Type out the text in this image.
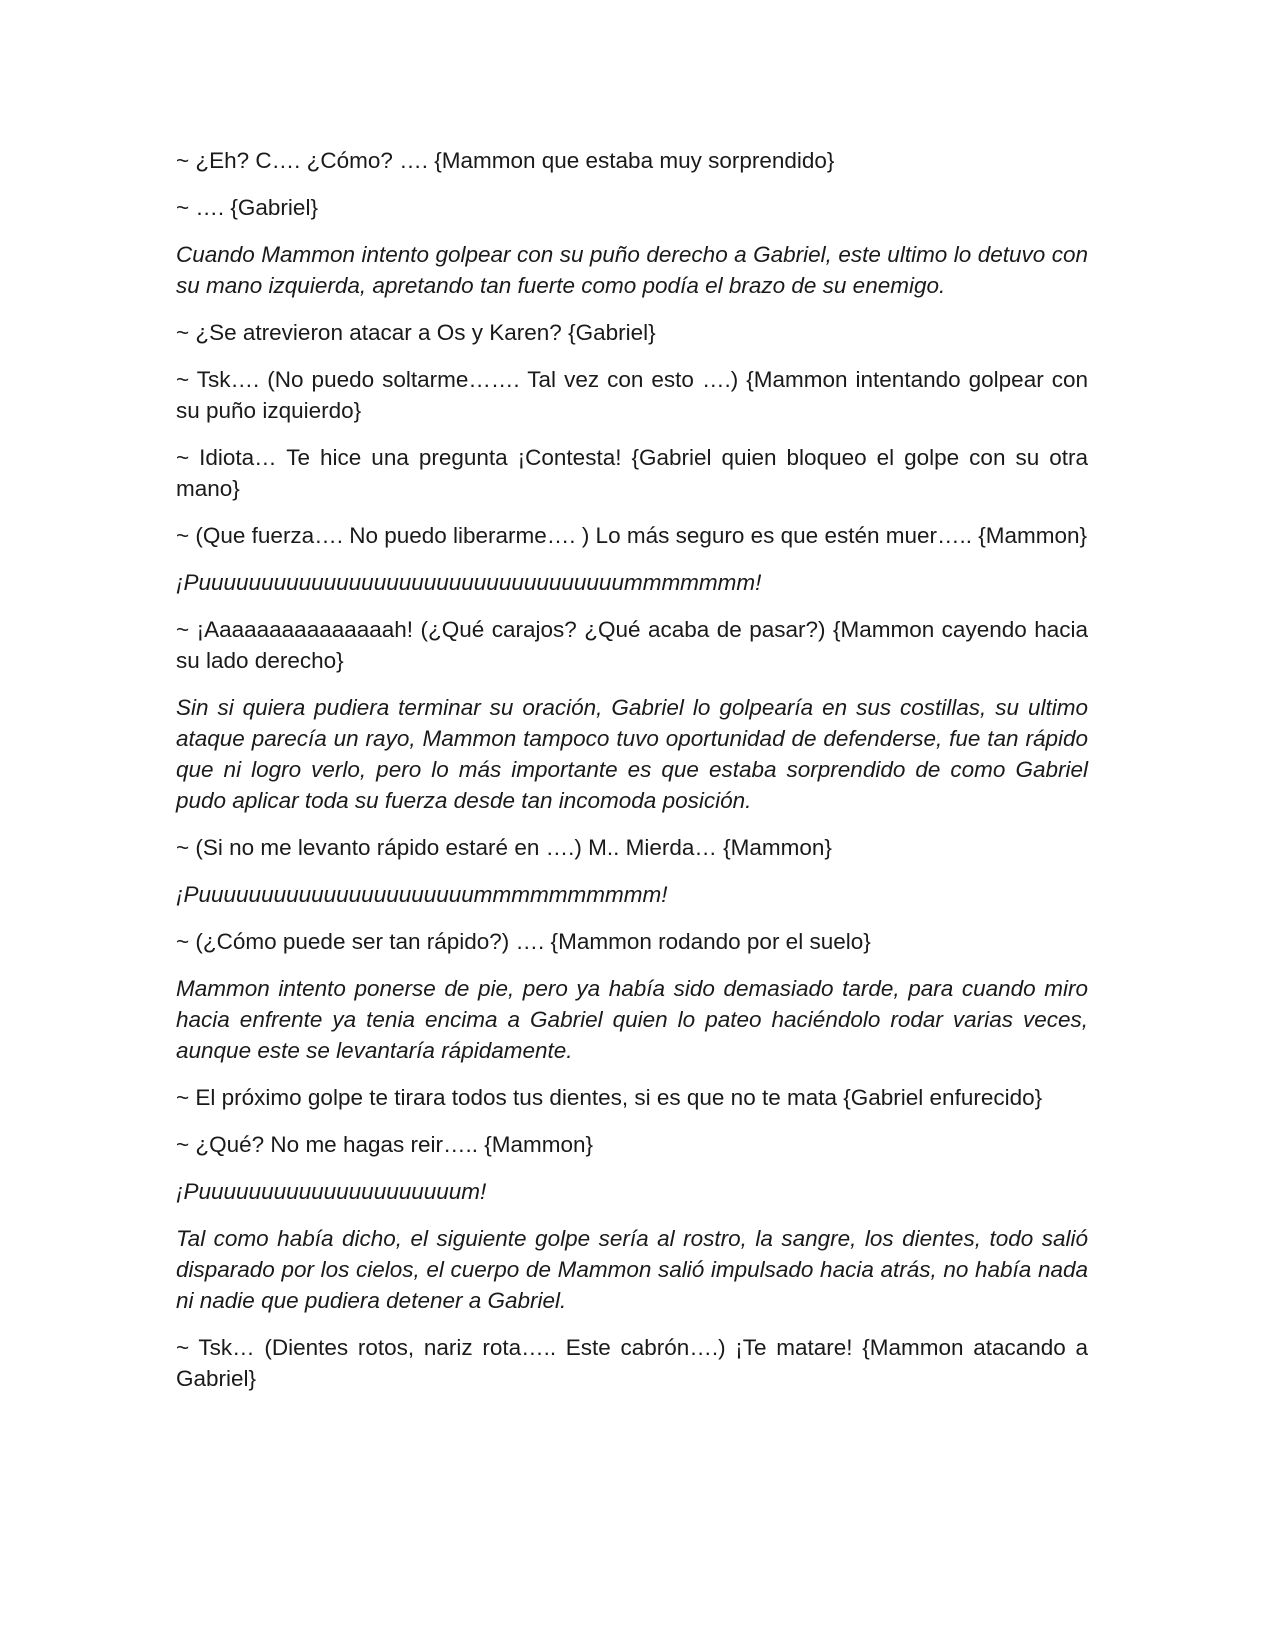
~ ¿Eh? C…. ¿Cómo? …. {Mammon que estaba muy sorprendido}

~ …. {Gabriel}

Cuando Mammon intento golpear con su puño derecho a Gabriel, este ultimo lo detuvo con su mano izquierda, apretando tan fuerte como podía el brazo de su enemigo.

~ ¿Se atrevieron atacar a Os y Karen? {Gabriel}

~ Tsk…. (No puedo soltarme……. Tal vez con esto ….) {Mammon intentando golpear con su puño izquierdo}

~ Idiota… Te hice una pregunta ¡Contesta! {Gabriel quien bloqueo el golpe con su otra mano}

~ (Que fuerza…. No puedo liberarme…. ) Lo más seguro es que estén muer….. {Mammon}

¡Puuuuuuuuuuuuuuuuuuuuuuuuuuuuuuuuuummmmmmm!

~ ¡Aaaaaaaaaaaaaaah! (¿Qué carajos? ¿Qué acaba de pasar?) {Mammon cayendo hacia su lado derecho}

Sin si quiera pudiera terminar su oración, Gabriel lo golpearía en sus costillas, su ultimo ataque parecía un rayo, Mammon tampoco tuvo oportunidad de defenderse, fue tan rápido que ni logro verlo, pero lo más importante es que estaba sorprendido de como Gabriel pudo aplicar toda su fuerza desde tan incomoda posición.

~ (Si no me levanto rápido estaré en ….) M.. Mierda… {Mammon}

¡Puuuuuuuuuuuuuuuuuuuuuummmmmmmmmm!

~ (¿Cómo puede ser tan rápido?) …. {Mammon rodando por el suelo}

Mammon intento ponerse de pie, pero ya había sido demasiado tarde, para cuando miro hacia enfrente ya tenia encima a Gabriel quien lo pateo haciéndolo rodar varias veces, aunque este se levantaría rápidamente.

~ El próximo golpe te tirara todos tus dientes, si es que no te mata {Gabriel enfurecido}

~ ¿Qué? No me hagas reir….. {Mammon}

¡Puuuuuuuuuuuuuuuuuuuuum!

Tal como había dicho, el siguiente golpe sería al rostro, la sangre, los dientes, todo salió disparado por los cielos, el cuerpo de Mammon salió impulsado hacia atrás, no había nada ni nadie que pudiera detener a Gabriel.

~ Tsk… (Dientes rotos, nariz rota….. Este cabrón….) ¡Te matare! {Mammon atacando a Gabriel}
